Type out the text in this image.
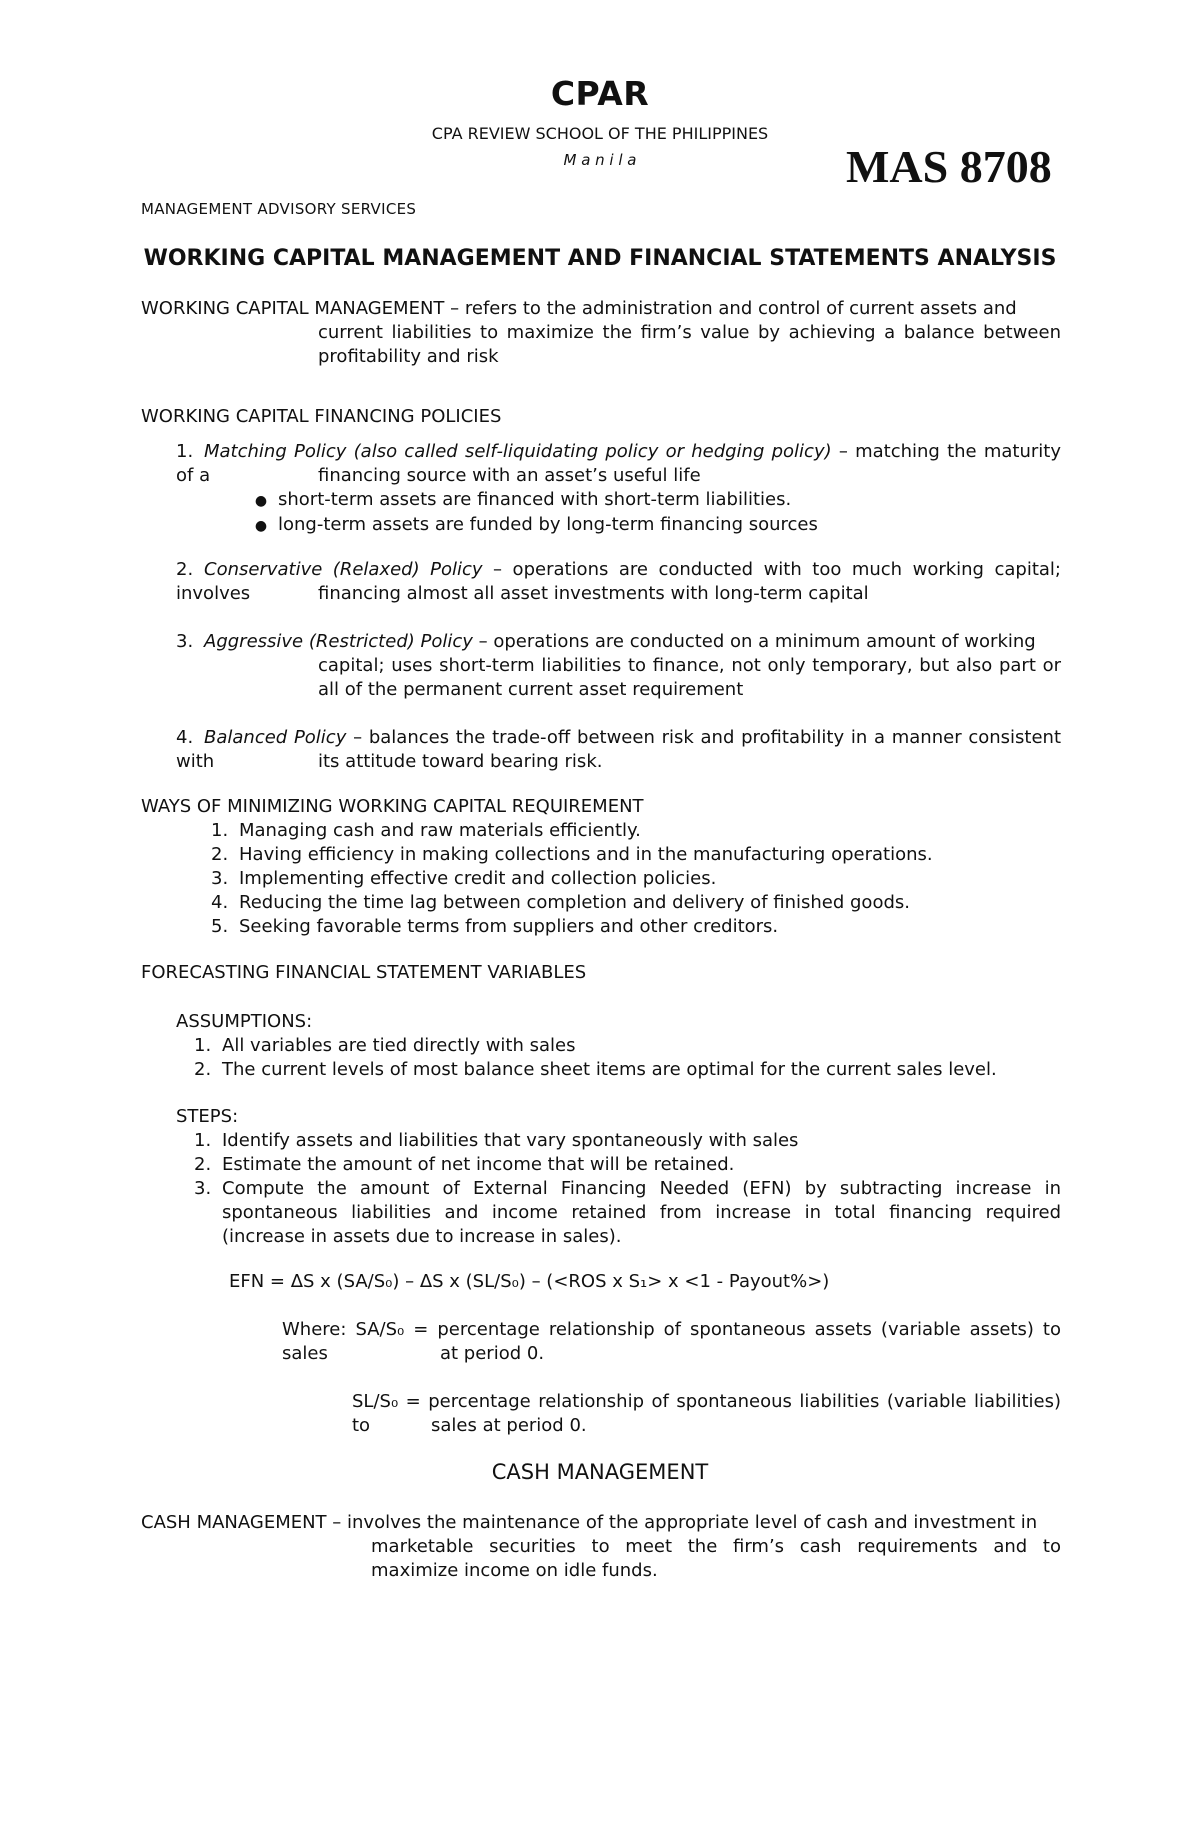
CPAR
CPA REVIEW SCHOOL OF THE PHILIPPINES
M a n i l a	MAS 8708
MANAGEMENT ADVISORY SERVICES
WORKING CAPITAL MANAGEMENT AND FINANCIAL STATEMENTS ANALYSIS
WORKING CAPITAL MANAGEMENT – refers to the administration and control of current assets and
current liabilities to maximize the firm’s value by achieving a balance between profitability and risk
WORKING CAPITAL FINANCING POLICIES
1. Matching Policy (also called self-liquidating policy or hedging policy) – matching the maturity of a	financing source with an asset’s useful life
● short-term assets are financed with short-term liabilities.
● long-term assets are funded by long-term financing sources
2. Conservative (Relaxed) Policy – operations are conducted with too much working capital; involves	financing almost all asset investments with long-term capital
3. Aggressive (Restricted) Policy – operations are conducted on a minimum amount of working
capital; uses short-term liabilities to finance, not only temporary, but also part or all of the permanent current asset requirement
4. Balanced Policy – balances the trade-off between risk and profitability in a manner consistent with	its attitude toward bearing risk.
WAYS OF MINIMIZING WORKING CAPITAL REQUIREMENT
1. Managing cash and raw materials efficiently.
2. Having efficiency in making collections and in the manufacturing operations.
3. Implementing effective credit and collection policies.
4. Reducing the time lag between completion and delivery of finished goods.
5. Seeking favorable terms from suppliers and other creditors.
FORECASTING FINANCIAL STATEMENT VARIABLES
ASSUMPTIONS:
1. All variables are tied directly with sales
2. The current levels of most balance sheet items are optimal for the current sales level.
STEPS:
1. Identify assets and liabilities that vary spontaneously with sales
2. Estimate the amount of net income that will be retained.
3. Compute the amount of External Financing Needed (EFN) by subtracting increase in spontaneous liabilities and income retained from increase in total financing required (increase in assets due to increase in sales).
EFN = ΔS x (SA/S₀) – ΔS x (SL/S₀) – (<ROS x S₁> x <1 - Payout%>)
Where: SA/S₀ = percentage relationship of spontaneous assets (variable assets) to sales	at period 0.
SL/S₀ = percentage relationship of spontaneous liabilities (variable liabilities) to	sales at period 0.
CASH MANAGEMENT
CASH MANAGEMENT – involves the maintenance of the appropriate level of cash and investment in
marketable securities to meet the firm’s cash requirements and to maximize income on idle funds.
